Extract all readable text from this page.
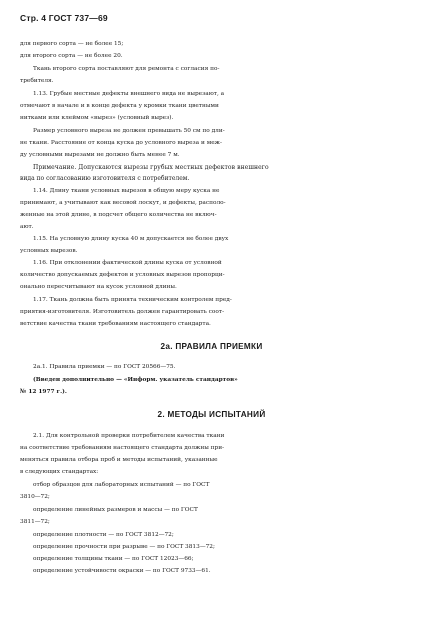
Стр. 4 ГОСТ 737—69
для первого сорта — не более 15;
для второго сорта — не более 20.
Ткань второго сорта поставляют для ремонта с согласия по-
требителя.
1.13. Грубые местные дефекты внешнего вида не вырезают, а
отмечают в начале и в конце дефекта у кромки ткани цветными
нитками или клеймом «вырез» (условный вырез).
Размер условного выреза не должен превышать 50 см по дли-
не ткани. Расстояние от конца куска до условного выреза и меж-
ду условными вырезами не должно быть менее 7 м.
Примечание. Допускаются вырезы грубых местных дефектов внешнего
вида по согласованию изготовителя с потребителем.
1.14. Длину ткани условных вырезов в общую меру куска не
принимают, а учитывают как весовой лоскут, и дефекты, располо-
женные на этой длине, в подсчет общего количества не включ-
ают.
1.15. На условную длину куска 40 м допускается не более двух
условных вырезов.
1.16. При отклонении фактической длины куска от условной
количество допускаемых дефектов и условных вырезов пропорци-
онально пересчитывают на кусок условной длины.
1.17. Ткань должна быть принята техническим контролем пред-
приятия-изготовителя. Изготовитель должен гарантировать соот-
ветствие качества ткани требованиям настоящего стандарта.
2а. ПРАВИЛА ПРИЕМКИ
2а.1. Правила приемки — по ГОСТ 20566—75.
(Введен дополнительно — «Информ. указатель стандартов»
№ 12 1977 г.).
2. МЕТОДЫ ИСПЫТАНИЙ
2.1. Для контрольной проверки потребителем качества ткани
на соответствие требованиям настоящего стандарта должны при-
меняться правила отбора проб и методы испытаний, указанные
в следующих стандартах:
отбор образцов для лабораторных испытаний — по ГОСТ
3810—72;
определение линейных размеров и массы — по ГОСТ
3811—72;
определение плотности — по ГОСТ 3812—72;
определение прочности при разрыве — по ГОСТ 3813—72;
определение толщины ткани — по ГОСТ 12023—66;
определение устойчивости окраски — по ГОСТ 9733—61.
